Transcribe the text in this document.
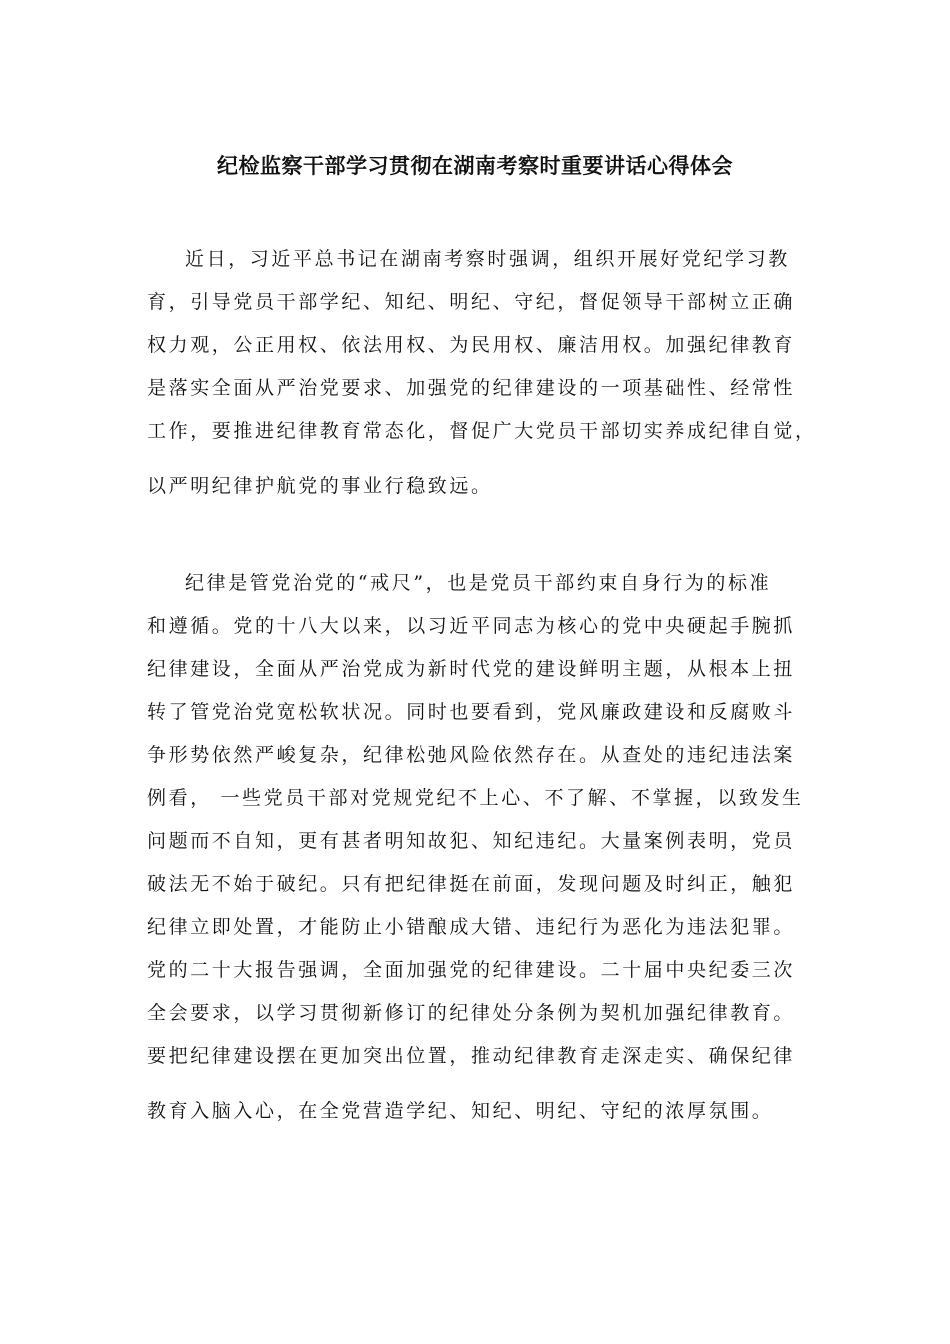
纪检监察干部学习贯彻在湖南考察时重要讲话心得体会
近日，习近平总书记在湖南考察时强调，组织开展好党纪学习教
育，引导党员干部学纪、知纪、明纪、守纪，督促领导干部树立正确
权力观，公正用权、依法用权、为民用权、廉洁用权。加强纪律教育
是落实全面从严治党要求、加强党的纪律建设的一项基础性、经常性
工作，要推进纪律教育常态化，督促广大党员干部切实养成纪律自觉，
以严明纪律护航党的事业行稳致远。
纪律是管党治党的“戒尺”，也是党员干部约束自身行为的标准
和遵循。党的十八大以来，以习近平同志为核心的党中央硬起手腕抓
纪律建设，全面从严治党成为新时代党的建设鲜明主题，从根本上扭
转了管党治党宽松软状况。同时也要看到，党风廉政建设和反腐败斗
争形势依然严峻复杂，纪律松弛风险依然存在。从查处的违纪违法案
例看， 一些党员干部对党规党纪不上心、不了解、不掌握，以致发生
问题而不自知，更有甚者明知故犯、知纪违纪。大量案例表明，党员
破法无不始于破纪。只有把纪律挺在前面，发现问题及时纠正，触犯
纪律立即处置，才能防止小错酿成大错、违纪行为恶化为违法犯罪。
党的二十大报告强调，全面加强党的纪律建设。二十届中央纪委三次
全会要求，以学习贯彻新修订的纪律处分条例为契机加强纪律教育。
要把纪律建设摆在更加突出位置，推动纪律教育走深走实、确保纪律
教育入脑入心，在全党营造学纪、知纪、明纪、守纪的浓厚氛围。
